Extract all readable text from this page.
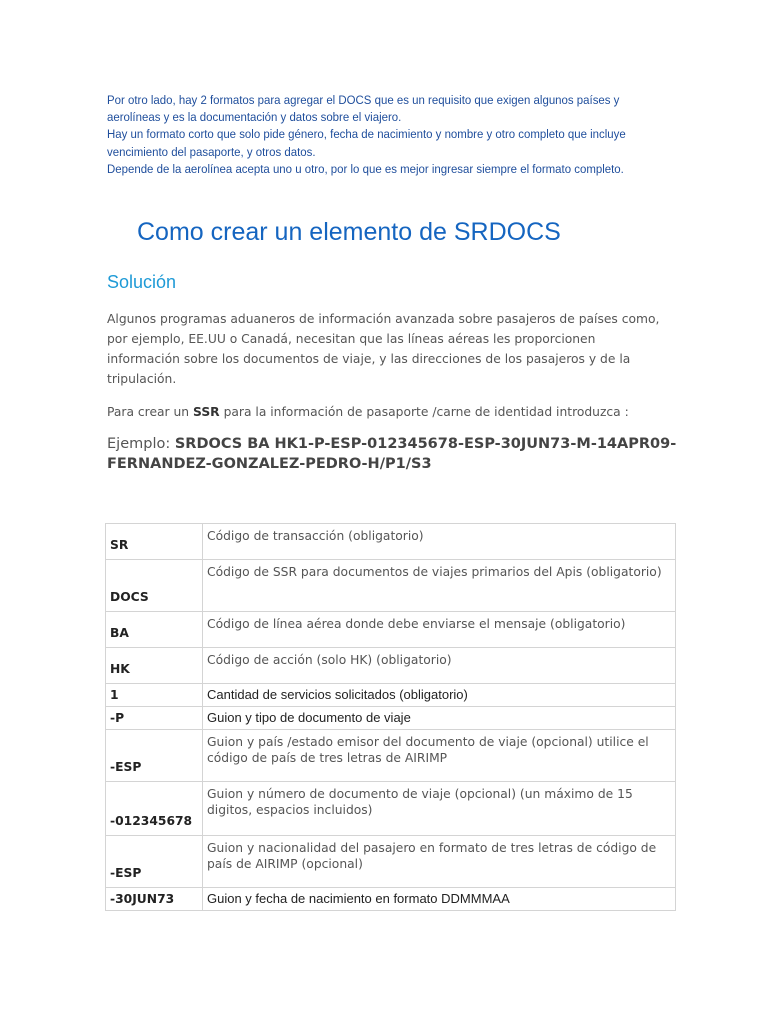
Por otro lado, hay 2 formatos para agregar el DOCS que es un requisito que exigen algunos países y aerolíneas y es la documentación y datos sobre el viajero.

Hay un formato corto que solo pide género, fecha de nacimiento y nombre y otro completo que incluye vencimiento del pasaporte, y otros datos.

Depende de la aerolínea acepta uno u otro, por lo que es mejor ingresar siempre el formato completo.

Como crear un elemento de SRDOCS
Solución

Algunos programas aduaneros de información avanzada sobre pasajeros de países como, por ejemplo, EE.UU o Canadá, necesitan que las líneas aéreas les proporcionen información sobre los documentos de viaje, y las direcciones de los pasajeros y de la tripulación.

Para crear un SSR para la información de pasaporte /carne de identidad introduzca :

Ejemplo: SRDOCS BA HK1-P-ESP-012345678-ESP-30JUN73-M-14APR09-FERNANDEZ-GONZALEZ-PEDRO-H/P1/S3
SR	Código de transacción (obligatorio)
DOCS	Código de SSR para documentos de viajes primarios del Apis (obligatorio)
BA	Código de línea aérea donde debe enviarse el mensaje (obligatorio)
HK	Código de acción (solo HK) (obligatorio)
1	Cantidad de servicios solicitados (obligatorio)
-P	Guion y tipo de documento de viaje
-ESP	Guion y país /estado emisor del documento de viaje (opcional) utilice el código de país de tres letras de AIRIMP
-012345678	Guion y número de documento de viaje (opcional) (un máximo de 15 digitos, espacios incluidos)
-ESP	Guion y nacionalidad del pasajero en formato de tres letras de código de país de AIRIMP (opcional)
-30JUN73	Guion y fecha de nacimiento en formato DDMMMAA
